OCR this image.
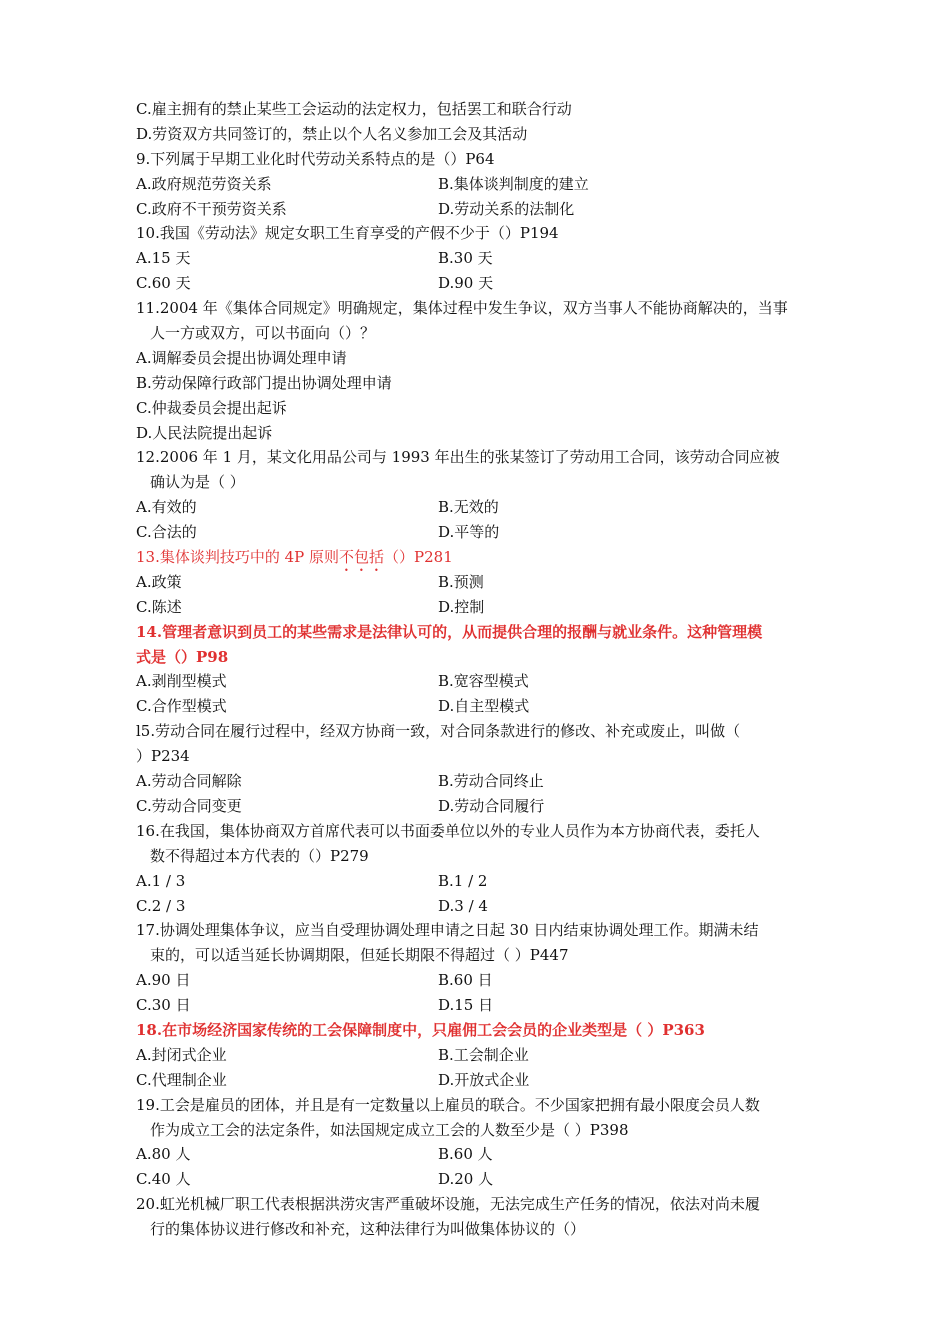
C.雇主拥有的禁止某些工会运动的法定权力，包括罢工和联合行动
D.劳资双方共同签订的，禁止以个人名义参加工会及其活动
9.下列属于早期工业化时代劳动关系特点的是（）P64
A.政府规范劳资关系	B.集体谈判制度的建立
C.政府不干预劳资关系	D.劳动关系的法制化
10.我国《劳动法》规定女职工生育享受的产假不少于（）P194
A.15 天	B.30 天
C.60 天	D.90 天
11.2004 年《集体合同规定》明确规定，集体过程中发生争议，双方当事人不能协商解决的，当事
人一方或双方，可以书面向（）？
A.调解委员会提出协调处理申请
B.劳动保障行政部门提出协调处理申请
C.仲裁委员会提出起诉
D.人民法院提出起诉
12.2006 年 1 月，某文化用品公司与 1993 年出生的张某签订了劳动用工合同，该劳动合同应被
确认为是（ ）
A.有效的	B.无效的
C.合法的	D.平等的
13.集体谈判技巧中的 4P 原则不包括（）P281
A.政策	B.预测
C.陈述	D.控制
14.管理者意识到员工的某些需求是法律认可的，从而提供合理的报酬与就业条件。这种管理模
式是（）P98
A.剥削型模式	B.宽容型模式
C.合作型模式	D.自主型模式
l5.劳动合同在履行过程中，经双方协商一致，对合同条款进行的修改、补充或废止，叫做（
）P234
A.劳动合同解除	B.劳动合同终止
C.劳动合同变更	D.劳动合同履行
16.在我国，集体协商双方首席代表可以书面委单位以外的专业人员作为本方协商代表，委托人
数不得超过本方代表的（）P279
A.1 / 3	B.1 / 2
C.2 / 3	D.3 / 4
17.协调处理集体争议，应当自受理协调处理申请之日起 30 日内结束协调处理工作。期满未结
束的，可以适当延长协调期限，但延长期限不得超过（ ）P447
A.90 日	B.60 日
C.30 日	D.15 日
18.在市场经济国家传统的工会保障制度中，只雇佣工会会员的企业类型是（ ）P363
A.封闭式企业	B.工会制企业
C.代理制企业	D.开放式企业
19.工会是雇员的团体，并且是有一定数量以上雇员的联合。不少国家把拥有最小限度会员人数
作为成立工会的法定条件，如法国规定成立工会的人数至少是（ ）P398
A.80 人	B.60 人
C.40 人	D.20 人
20.虹光机械厂职工代表根据洪涝灾害严重破坏设施，无法完成生产任务的情况，依法对尚未履
行的集体协议进行修改和补充，这种法律行为叫做集体协议的（）
